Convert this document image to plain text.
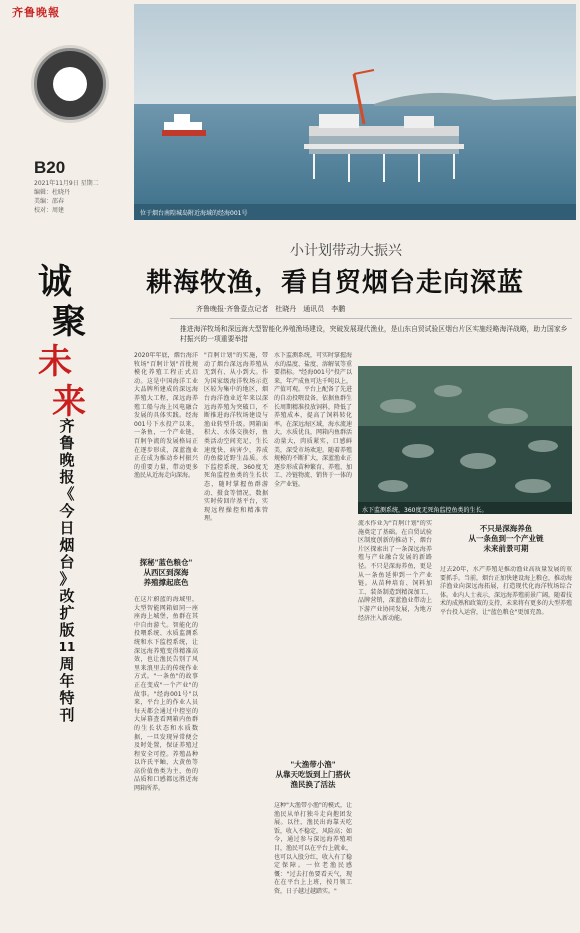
齐鲁晚報
B20
2021年11月9日 星期二
编辑：杜晓丹
美编：邵春
校对：周建
诚
聚
未
来
齐
鲁
晚
报
《
今
日
烟
台
》
改
扩
版
11
周
年
特
刊
位于烟台南隍城岛附近海域的经海001号
小计划带动大振兴
耕海牧渔，看自贸烟台走向深蓝
齐鲁晚报·齐鲁壹点记者　杜晓丹　通讯员　李鹏
推进海洋牧场和深远海大型智能化养殖渔场建设，突破发展现代渔业，是山东自贸试验区烟台片区实施经略海洋战略，助力国家乡村振兴的一项重要举措
水下监测系统，360度无死角监控鱼类的生长。
2020年年底，烟台海洋牧场"百舸计划"首批规模化养殖工程正式启动。这是中国海洋工业大品牌所建成的深远海养殖大工程，深远海养殖工船与海上风电融合发展的具体实践。经海001号下水投产以来，一条鱼，一个产业链，百舸争流的发展格局正在逐步形成，深蓝渔业正在成为推动乡村振兴的重要力量，带动更多渔民从近海走向深海。
探秘"蓝色粮仓"
从西区到深海
养殖撑起底色
在这片蔚蓝的海域里，大型智能网箱如同一座座海上城堡，鱼群在其中自由游弋。智能化的投喂系统、水质监测系统和水下监控系统，让深远海养殖变得精准高效，也让渔民告别了风里来浪里去的传统作业方式。"一条鱼"的故事正在变成"一个产业"的故事。"经海001号"以来，平台上的作业人员每天都会通过中控室的大屏幕查看网箱内鱼群的生长状态和水质数据，一旦发现异常便会及时处置，保证养殖过程安全可控。养殖品种以许氏平鲉、大黄鱼等高价值鱼类为主，鱼的品质和口感都远胜近海网箱所养。
"百舸计划"的实施，带动了烟台深远海养殖从无到有、从小到大。作为国家级海洋牧场示范区较为集中的地区，烟台海洋渔业近年来以深远海养殖为突破口，不断推进海洋牧场建设与渔业转型升级。网箱面积大、水体交换好，鱼类活动空间充足，生长速度快、病害少，养成的鱼接近野生品质。水下监控系统，360度无死角监控鱼类的生长状态，随时掌握鱼群游动、摄食等情况，数据实时传回岸基平台，实现远程操控和精准管理。
水下监测系统，可实时掌握海水的温度、盐度、溶解氧等重要指标。"经海001号"投产以来，年产成鱼可达千吨以上，产值可观。平台上配备了先进的自动投喂设备，依据鱼群生长周期精准投放饲料，降低了养殖成本，提高了饲料转化率。在深远海区域，海水流速大，水质优良，网箱内鱼群活动量大，肉质紧实，口感鲜美，深受市场欢迎。随着养殖规模的不断扩大，深蓝渔业正逐步形成苗种繁育、养殖、加工、冷链物流、销售于一体的全产业链。
"大渔带小渔"
从靠天吃饭到上门搭伙
渔民换了活法
这种"大渔带小渔"的模式，让渔民从单打独斗走向抱团发展。以往，渔民出海靠天吃饭，收入不稳定，风险高；如今，通过参与深远海养殖项目，渔民可以在平台上就业，也可以入股分红，收入有了稳定保障。一位老渔民感慨："过去打鱼要看天气，现在在平台上上班，按月领工资，日子越过越踏实。"
流水作业为"百舸计划"的实施奠定了基础。在自贸试验区制度创新的推动下，烟台片区探索出了一条深远海养殖与产业融合发展的新路径。不只是深海养鱼，更是从一条鱼延伸到一个产业链。从苗种培育、饲料加工、装备制造到精深加工、品牌营销，深蓝渔业带动上下游产业协同发展，为地方经济注入新动能。
不只是深海养鱼
从一条鱼到一个产业链
未来前景可期
过去20年，水产养殖是推动渔业高质量发展的重要抓手。当前，烟台正加快建设海上粮仓，推动海洋渔业向深远海拓展，打造现代化海洋牧场综合体。业内人士表示，深远海养殖前景广阔，随着技术的成熟和政策的支持，未来将有更多的大型养殖平台投入运营，让"蓝色粮仓"更加充盈。
